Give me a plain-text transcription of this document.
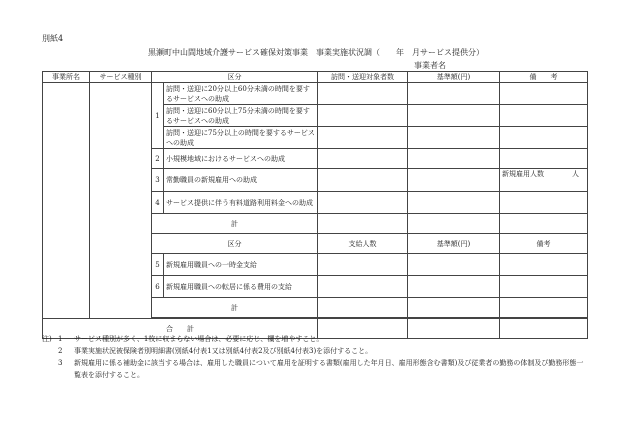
別紙4
黒瀬町中山間地域介護サービス確保対策事業　事業実施状況調（　　年　月サービス提供分）
事業者名
事業所名	サービス種別	区分		訪問・送迎対象者数	基準額(円)	備　　考
		1	訪問・送迎に20分以上60分未満の時間を要するサービスへの助成			
			訪問・送迎に60分以上75分未満の時間を要するサービスへの助成			
			訪問・送迎に75分以上の時間を要するサービスへの助成			
		2	小規模地域におけるサービスへの助成			
		3	常勤職員の新規雇用への助成			新規雇用人数　　　　人
		4	サービス提供に伴う有料道路利用料金への助成			
		計				
		区分		支給人数	基準額(円)	備考
		5	新規雇用職員への一時金支給			
		6	新規雇用職員への転居に係る費用の支給			
		計				

合　　計						
注) 1 サービス種別が多く、1枚に収まらない場合は、必要に応じ、欄を増やすこと。
2 事業実施状況被保険者別明細書(別紙4付表1又は別紙4付表2及び別紙4付表3)を添付すること。
3 新規雇用に係る補助金に該当する場合は、雇用した職員について雇用を証明する書類(雇用した年月日、雇用形態含む書類)及び従業者の勤務の体制及び勤務形態一覧表を添付すること。
